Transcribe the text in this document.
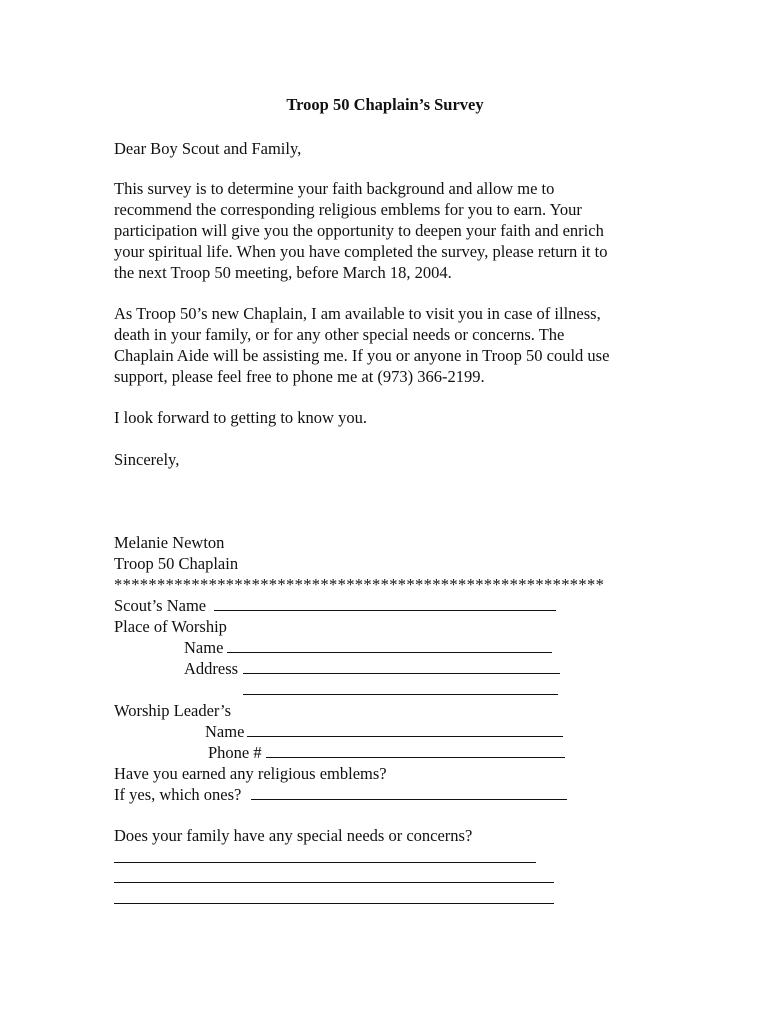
Troop 50 Chaplain’s Survey
Dear Boy Scout and Family,
This survey is to determine your faith background and allow me to
recommend the corresponding religious emblems for you to earn. Your
participation will give you the opportunity to deepen your faith and enrich
your spiritual life. When you have completed the survey, please return it to
the next Troop 50 meeting, before March 18, 2004.
As Troop 50’s new Chaplain, I am available to visit you in case of illness,
death in your family, or for any other special needs or concerns. The
Chaplain Aide will be assisting me. If you or anyone in Troop 50 could use
support, please feel free to phone me at (973) 366-2199.
I look forward to getting to know you.
Sincerely,
Melanie Newton
Troop 50 Chaplain
*********************************************************
Scout’s Name
Place of Worship
Name
Address
Worship Leader’s
Name
Phone #
Have you earned any religious emblems?
If yes, which ones?
Does your family have any special needs or concerns?
